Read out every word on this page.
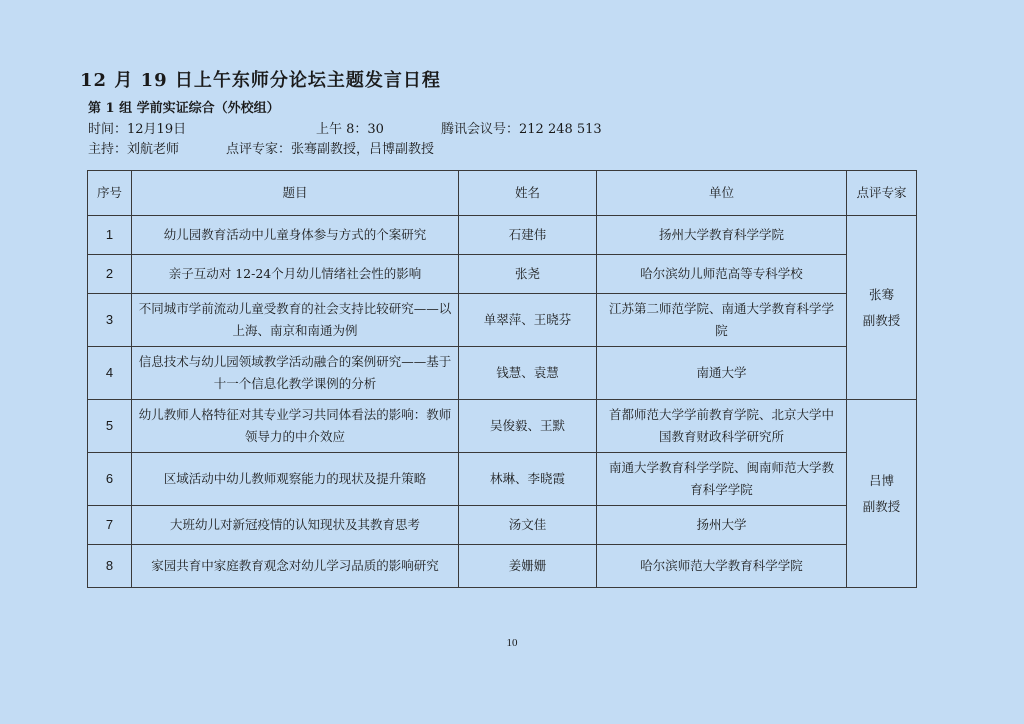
12 月 19 日上午东师分论坛主题发言日程
第 1 组 学前实证综合（外校组）

时间：12月19日	上午 8：30	腾讯会议号：212 248 513

主持：刘航老师	点评专家：张骞副教授，吕博副教授

序号	题目	姓名	单位	点评专家
1	幼儿园教育活动中儿童身体参与方式的个案研究	石建伟	扬州大学教育科学学院	张骞
副教授

2	亲子互动对 12-24个月幼儿情绪社会性的影响	张尧	哈尔滨幼儿师范高等专科学校	
3	不同城市学前流动儿童受教育的社会支持比较研究——以上海、南京和南通为例	单翠萍、王晓芬	江苏第二师范学院、南通大学教育科学学院	
4	信息技术与幼儿园领域教学活动融合的案例研究——基于十一个信息化教学课例的分析	钱慧、袁慧	南通大学	
5	幼儿教师人格特征对其专业学习共同体看法的影响：教师领导力的中介效应	吴俊毅、王默	首都师范大学学前教育学院、北京大学中国教育财政科学研究所	吕博
副教授

6	区域活动中幼儿教师观察能力的现状及提升策略	林琳、李晓霞	南通大学教育科学学院、闽南师范大学教育科学学院	
7	大班幼儿对新冠疫情的认知现状及其教育思考	汤文佳	扬州大学	
8	家园共育中家庭教育观念对幼儿学习品质的影响研究	姜姗姗	哈尔滨师范大学教育科学学院	
10
